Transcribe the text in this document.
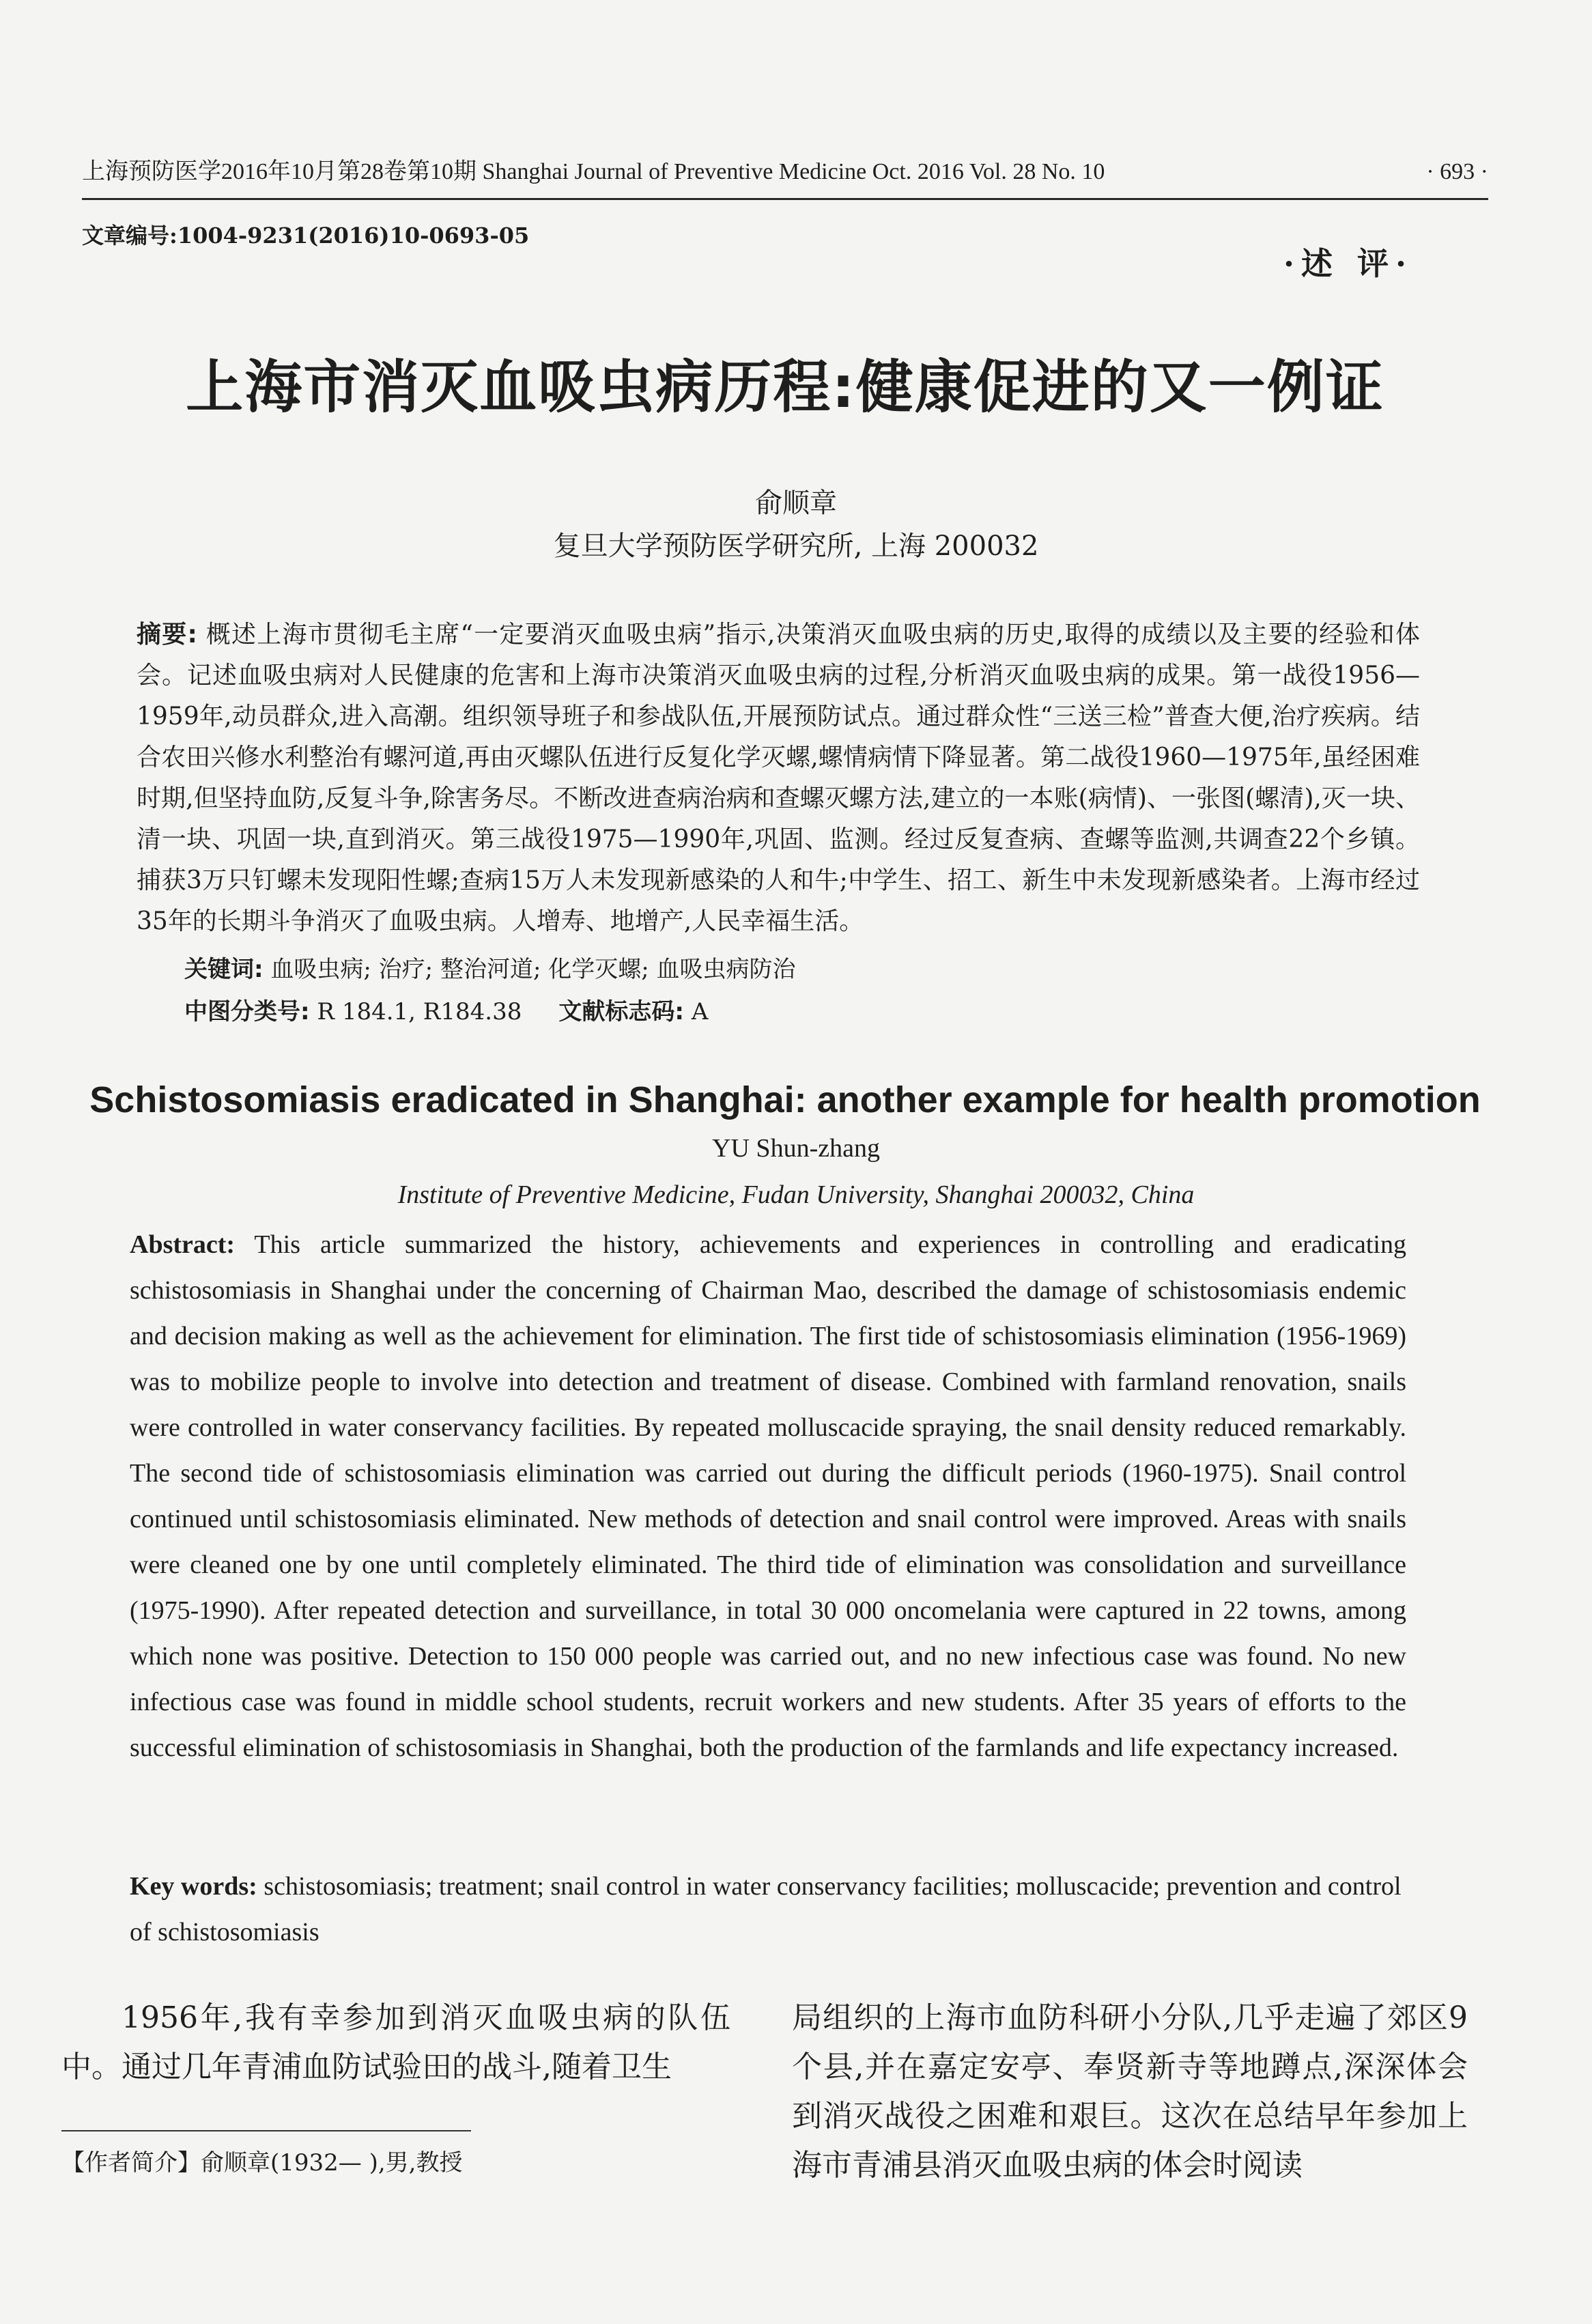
上海预防医学2016年10月第28卷第10期 Shanghai Journal of Preventive Medicine Oct. 2016 Vol. 28 No. 10	· 693 ·
文章编号:1004-9231(2016)10-0693-05
·述 评·
上海市消灭血吸虫病历程:健康促进的又一例证
俞顺章
复旦大学预防医学研究所, 上海 200032
摘要: 概述上海市贯彻毛主席“一定要消灭血吸虫病”指示,决策消灭血吸虫病的历史,取得的成绩以及主要的经验和体会。记述血吸虫病对人民健康的危害和上海市决策消灭血吸虫病的过程,分析消灭血吸虫病的成果。第一战役1956—1959年,动员群众,进入高潮。组织领导班子和参战队伍,开展预防试点。通过群众性“三送三检”普查大便,治疗疾病。结合农田兴修水利整治有螺河道,再由灭螺队伍进行反复化学灭螺,螺情病情下降显著。第二战役1960—1975年,虽经困难时期,但坚持血防,反复斗争,除害务尽。不断改进查病治病和查螺灭螺方法,建立的一本账(病情)、一张图(螺清),灭一块、清一块、巩固一块,直到消灭。第三战役1975—1990年,巩固、监测。经过反复查病、查螺等监测,共调查22个乡镇。捕获3万只钉螺未发现阳性螺;查病15万人未发现新感染的人和牛;中学生、招工、新生中未发现新感染者。上海市经过35年的长期斗争消灭了血吸虫病。人增寿、地增产,人民幸福生活。
关键词: 血吸虫病; 治疗; 整治河道; 化学灭螺; 血吸虫病防治
中图分类号: R 184.1, R184.38 文献标志码: A
Schistosomiasis eradicated in Shanghai: another example for health promotion
YU Shun-zhang
Institute of Preventive Medicine, Fudan University, Shanghai 200032, China
Abstract: This article summarized the history, achievements and experiences in controlling and eradicating schistosomiasis in Shanghai under the concerning of Chairman Mao, described the damage of schistosomiasis endemic and decision making as well as the achievement for elimination. The first tide of schistosomiasis elimination (1956-1969) was to mobilize people to involve into detection and treatment of disease. Combined with farmland renovation, snails were controlled in water conservancy facilities. By repeated molluscacide spraying, the snail density reduced remarkably. The second tide of schistosomiasis elimination was carried out during the difficult periods (1960-1975). Snail control continued until schistosomiasis eliminated. New methods of detection and snail control were improved. Areas with snails were cleaned one by one until completely eliminated. The third tide of elimination was consolidation and surveillance (1975-1990). After repeated detection and surveillance, in total 30 000 oncomelania were captured in 22 towns, among which none was positive. Detection to 150 000 people was carried out, and no new infectious case was found. No new infectious case was found in middle school students, recruit workers and new students. After 35 years of efforts to the successful elimination of schistosomiasis in Shanghai, both the production of the farmlands and life expectancy increased.
Key words: schistosomiasis; treatment; snail control in water conservancy facilities; molluscacide; prevention and control of schistosomiasis
1956年,我有幸参加到消灭血吸虫病的队伍中。通过几年青浦血防试验田的战斗,随着卫生
局组织的上海市血防科研小分队,几乎走遍了郊区9个县,并在嘉定安亭、奉贤新寺等地蹲点,深深体会到消灭战役之困难和艰巨。这次在总结早年参加上海市青浦县消灭血吸虫病的体会时阅读
【作者简介】俞顺章(1932— ),男,教授
